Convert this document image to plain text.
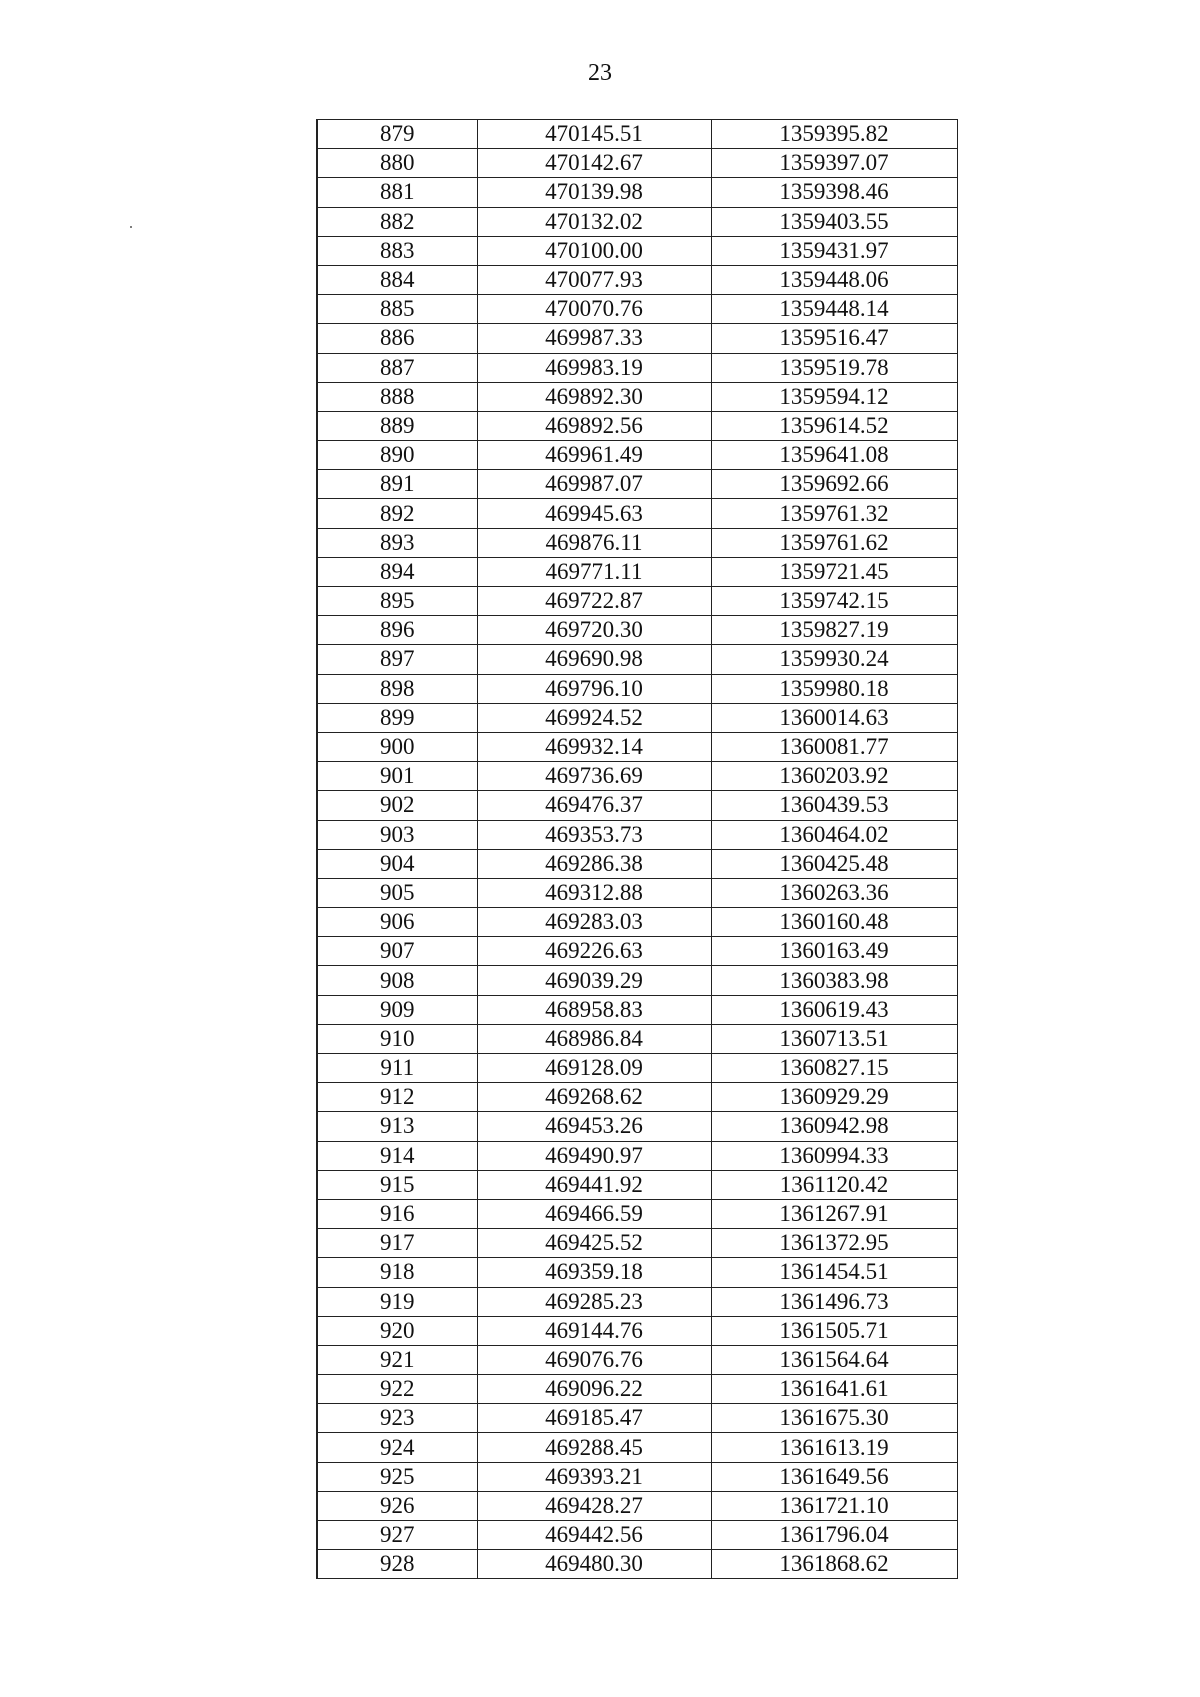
23
879	470145.51	1359395.82
880	470142.67	1359397.07
881	470139.98	1359398.46
882	470132.02	1359403.55
883	470100.00	1359431.97
884	470077.93	1359448.06
885	470070.76	1359448.14
886	469987.33	1359516.47
887	469983.19	1359519.78
888	469892.30	1359594.12
889	469892.56	1359614.52
890	469961.49	1359641.08
891	469987.07	1359692.66
892	469945.63	1359761.32
893	469876.11	1359761.62
894	469771.11	1359721.45
895	469722.87	1359742.15
896	469720.30	1359827.19
897	469690.98	1359930.24
898	469796.10	1359980.18
899	469924.52	1360014.63
900	469932.14	1360081.77
901	469736.69	1360203.92
902	469476.37	1360439.53
903	469353.73	1360464.02
904	469286.38	1360425.48
905	469312.88	1360263.36
906	469283.03	1360160.48
907	469226.63	1360163.49
908	469039.29	1360383.98
909	468958.83	1360619.43
910	468986.84	1360713.51
911	469128.09	1360827.15
912	469268.62	1360929.29
913	469453.26	1360942.98
914	469490.97	1360994.33
915	469441.92	1361120.42
916	469466.59	1361267.91
917	469425.52	1361372.95
918	469359.18	1361454.51
919	469285.23	1361496.73
920	469144.76	1361505.71
921	469076.76	1361564.64
922	469096.22	1361641.61
923	469185.47	1361675.30
924	469288.45	1361613.19
925	469393.21	1361649.56
926	469428.27	1361721.10
927	469442.56	1361796.04
928	469480.30	1361868.62
